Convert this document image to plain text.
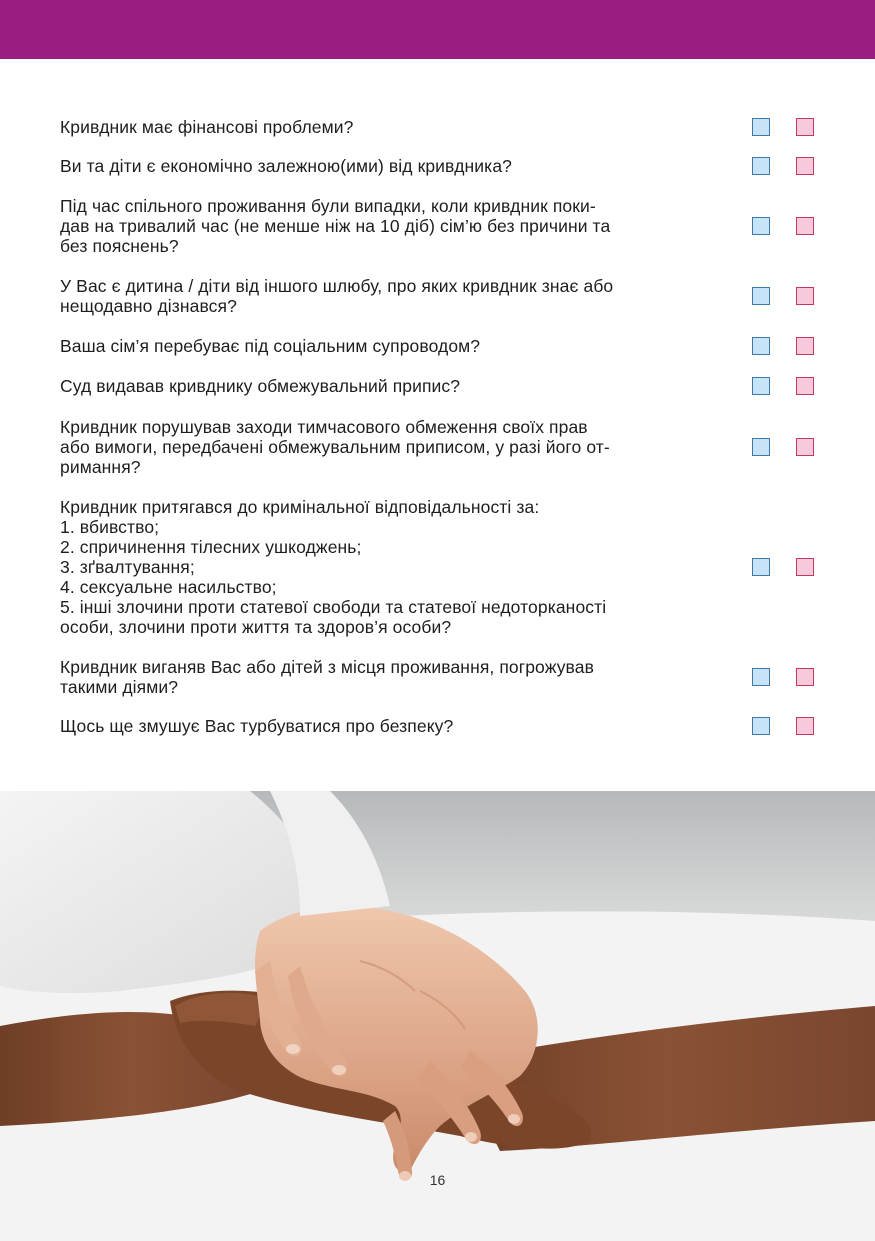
Кривдник має фінансові проблеми?
Ви та діти є економічно залежною(ими) від кривдника?
Під час спільного проживання були випадки, коли кривдник поки-
дав на тривалий час (не менше ніж на 10 діб) сім’ю без причини та
без пояснень?
У Вас є дитина / діти від іншого шлюбу, про яких кривдник знає або
нещодавно дізнався?
Ваша сім’я перебуває під соціальним супроводом?
Суд видавав кривднику обмежувальний припис?
Кривдник порушував заходи тимчасового обмеження своїх прав
або вимоги, передбачені обмежувальним приписом, у разі його от-
римання?
Кривдник притягався до кримінальної відповідальності за:
1. вбивство;
2. спричинення тілесних ушкоджень;
3. зґвалтування;
4. сексуальне насильство;
5. інші злочини проти статевої свободи та статевої недоторканості
особи, злочини проти життя та здоров’я особи?
Кривдник виганяв Вас або дітей з місця проживання, погрожував
такими діями?
Щось ще змушує Вас турбуватися про безпеку?
16
